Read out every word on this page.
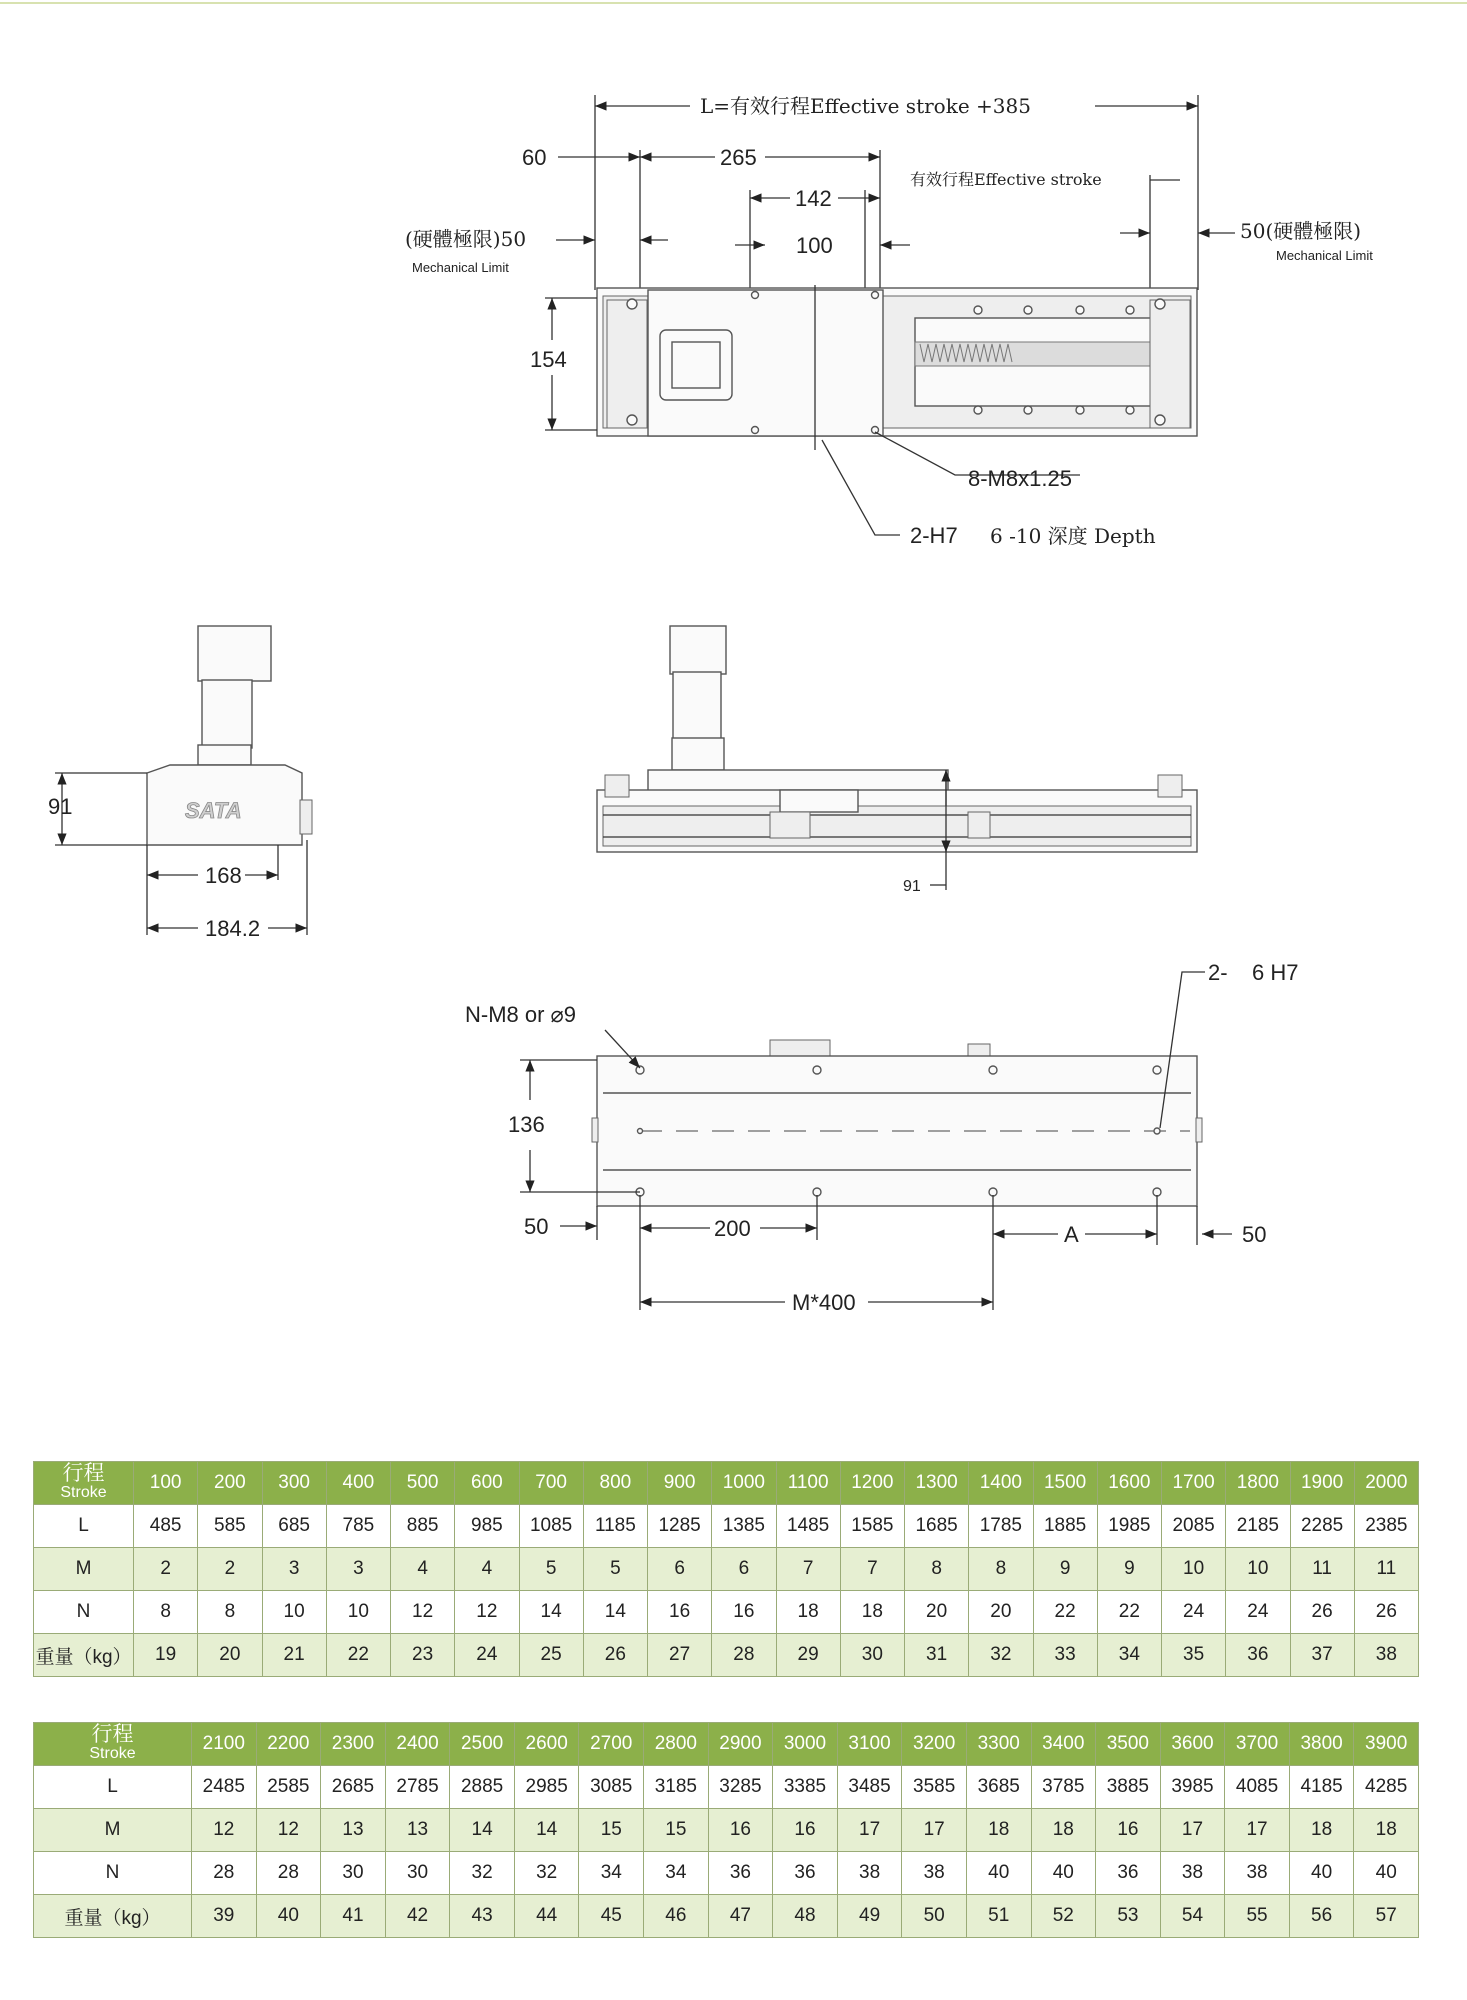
L=有效行程Effective stroke +385
60	265
142
有效行程Effective stroke
100
(硬體極限)50
Mechanical Limit
50(硬體極限)
Mechanical Limit
154
8-M8x1.25
2-H7 6 -10 深度 Depth
SATA
91
168
184.2
91
N-M8 or ⌀9
2- 6 H7
136
50	200	A	50
M*400
行程
Stroke	100	200	300	400	500	600	700	800	900	1000	1100	1200	1300	1400	1500	1600	1700	1800	1900	2000
L	485	585	685	785	885	985	1085	1185	1285	1385	1485	1585	1685	1785	1885	1985	2085	2185	2285	2385
M	2	2	3	3	4	4	5	5	6	6	7	7	8	8	9	9	10	10	11	11
N	8	8	10	10	12	12	14	14	16	16	18	18	20	20	22	22	24	24	26	26
重量（kg）	19	20	21	22	23	24	25	26	27	28	29	30	31	32	33	34	35	36	37	38
行程
Stroke	2100	2200	2300	2400	2500	2600	2700	2800	2900	3000	3100	3200	3300	3400	3500	3600	3700	3800	3900
L	2485	2585	2685	2785	2885	2985	3085	3185	3285	3385	3485	3585	3685	3785	3885	3985	4085	4185	4285
M	12	12	13	13	14	14	15	15	16	16	17	17	18	18	16	17	17	18	18
N	28	28	30	30	32	32	34	34	36	36	38	38	40	40	36	38	38	40	40
重量（kg）	39	40	41	42	43	44	45	46	47	48	49	50	51	52	53	54	55	56	57
